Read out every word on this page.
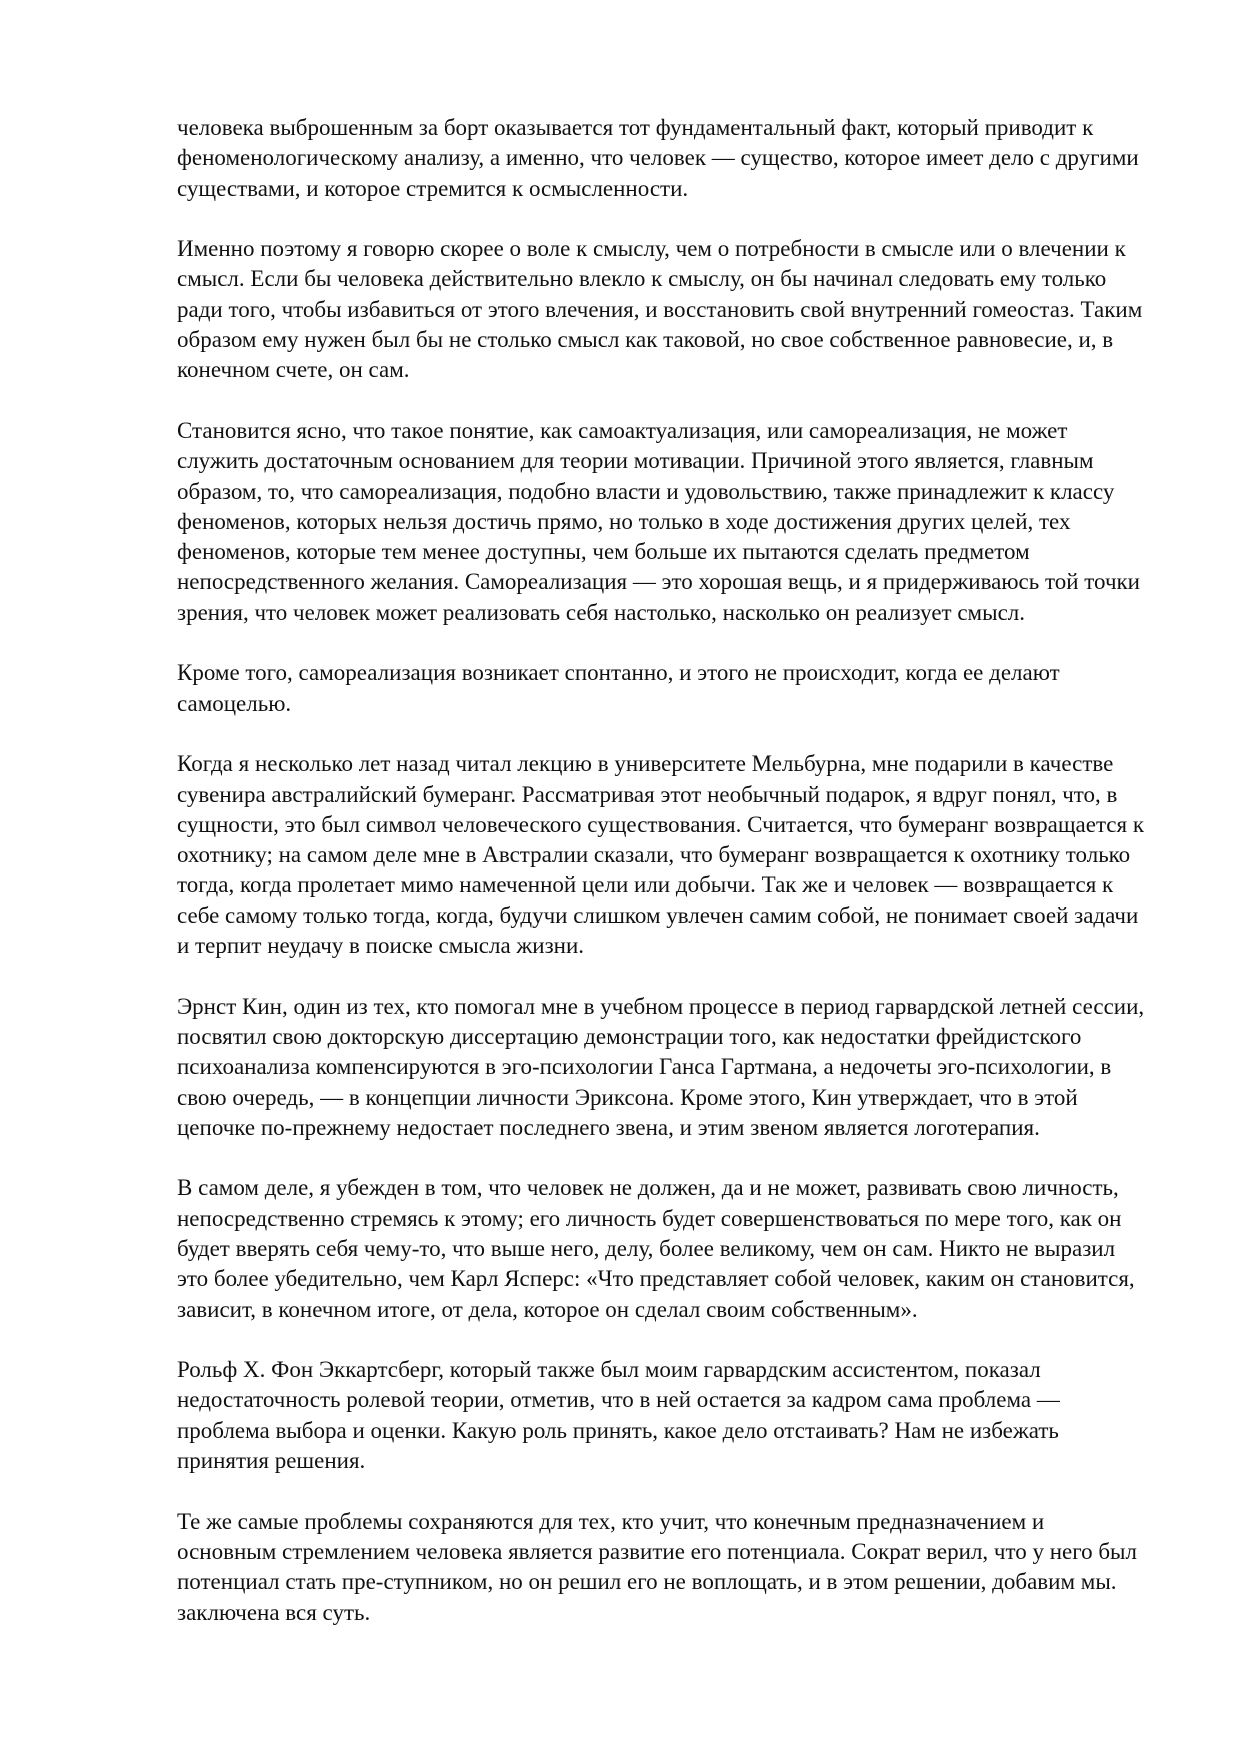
человека выброшенным за борт оказывается тот фундаментальный факт, который приводит к
феноменологическому анализу, а именно, что человек — существо, которое имеет дело с другими
существами, и которое стремится к осмысленности.

Именно поэтому я говорю скорее о воле к смыслу, чем о потребности в смысле или о влечении к
смысл. Если бы человека действительно влекло к смыслу, он бы начинал следовать ему только
ради того, чтобы избавиться от этого влечения, и восстановить свой внутренний гомеостаз. Таким
образом ему нужен был бы не столько смысл как таковой, но свое собственное равновесие, и, в
конечном счете, он сам.

Становится ясно, что такое понятие, как самоактуализация, или самореализация, не может
служить достаточным основанием для теории мотивации. Причиной этого является, главным
образом, то, что самореализация, подобно власти и удовольствию, также принадлежит к классу
феноменов, которых нельзя достичь прямо, но только в ходе достижения других целей, тех
феноменов, которые тем менее доступны, чем больше их пытаются сделать предметом
непосредственного желания. Самореализация — это хорошая вещь, и я придерживаюсь той точки
зрения, что человек может реализовать себя настолько, насколько он реализует смысл.

Кроме того, самореализация возникает спонтанно, и этого не происходит, когда ее делают
самоцелью.

Когда я несколько лет назад читал лекцию в университете Мельбурна, мне подарили в качестве
сувенира австралийский бумеранг. Рассматривая этот необычный подарок, я вдруг понял, что, в
сущности, это был символ человеческого существования. Считается, что бумеранг возвращается к
охотнику; на самом деле мне в Австралии сказали, что бумеранг возвращается к охотнику только
тогда, когда пролетает мимо намеченной цели или добычи. Так же и человек — возвращается к
себе самому только тогда, когда, будучи слишком увлечен самим собой, не понимает своей задачи
и терпит неудачу в поиске смысла жизни.

Эрнст Кин, один из тех, кто помогал мне в учебном процессе в период гарвардской летней сессии,
посвятил свою докторскую диссертацию демонстрации того, как недостатки фрейдистского
психоанализа компенсируются в эго-психологии Ганса Гартмана, а недочеты эго-психологии, в
свою очередь, — в концепции личности Эриксона. Кроме этого, Кин утверждает, что в этой
цепочке по-прежнему недостает последнего звена, и этим звеном является логотерапия.

В самом деле, я убежден в том, что человек не должен, да и не может, развивать свою личность,
непосредственно стремясь к этому; его личность будет совершенствоваться по мере того, как он
будет вверять себя чему-то, что выше него, делу, более великому, чем он сам. Никто не выразил
это более убедительно, чем Карл Ясперс: «Что представляет собой человек, каким он становится,
зависит, в конечном итоге, от дела, которое он сделал своим собственным».

Рольф Х. Фон Эккартсберг, который также был моим гарвардским ассистентом, показал
недостаточность ролевой теории, отметив, что в ней остается за кадром сама проблема —
проблема выбора и оценки. Какую роль принять, какое дело отстаивать? Нам не избежать
принятия решения.

Те же самые проблемы сохраняются для тех, кто учит, что конечным предназначением и
основным стремлением человека является развитие его потенциала. Сократ верил, что у него был
потенциал стать пре-ступником, но он решил его не воплощать, и в этом решении, добавим мы.
заключена вся суть.
